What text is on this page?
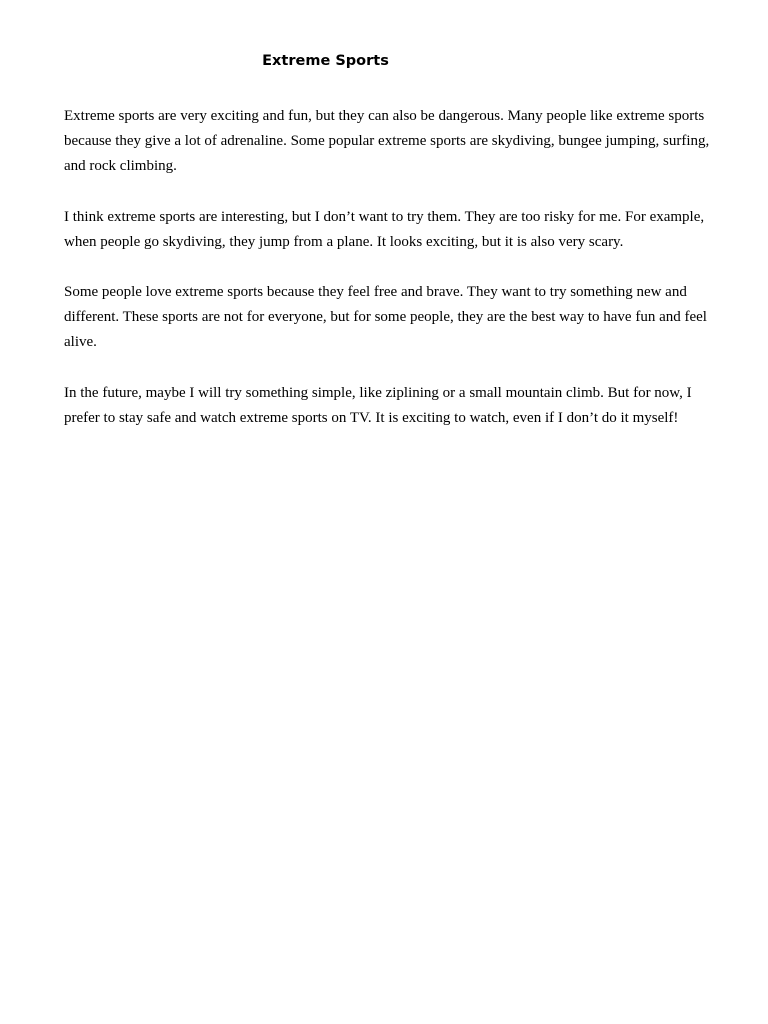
Extreme Sports

Extreme sports are very exciting and fun, but they can also be dangerous. Many people like extreme sports because they give a lot of adrenaline. Some popular extreme sports are skydiving, bungee jumping, surfing, and rock climbing.

I think extreme sports are interesting, but I don’t want to try them. They are too risky for me. For example, when people go skydiving, they jump from a plane. It looks exciting, but it is also very scary.

Some people love extreme sports because they feel free and brave. They want to try something new and different. These sports are not for everyone, but for some people, they are the best way to have fun and feel alive.

In the future, maybe I will try something simple, like ziplining or a small mountain climb. But for now, I prefer to stay safe and watch extreme sports on TV. It is exciting to watch, even if I don’t do it myself!
